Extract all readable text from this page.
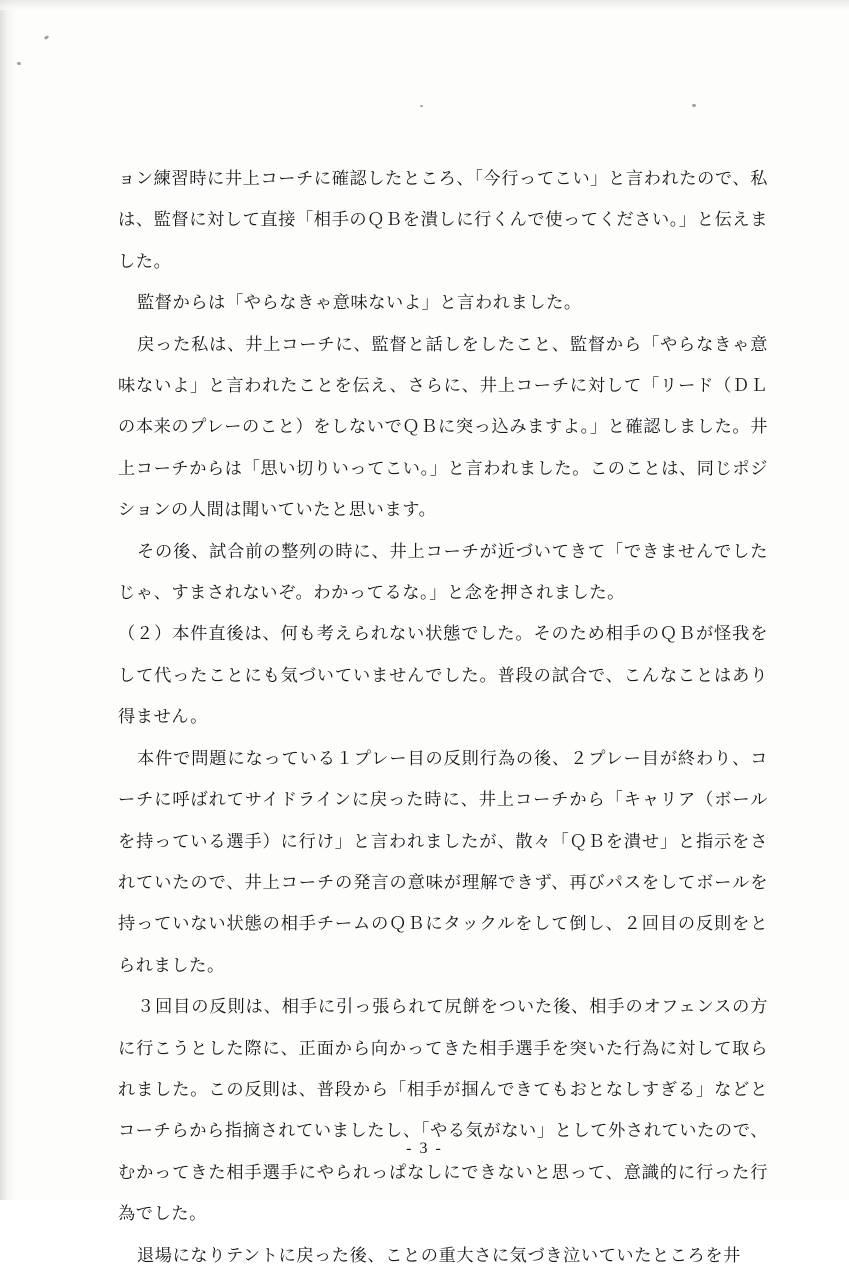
ョン練習時に井上コーチに確認したところ、「今行ってこい」と言われたので、私は、監督に対して直接「相手のＱＢを潰しに行くんで使ってください。」と伝えました。

監督からは「やらなきゃ意味ないよ」と言われました。

戻った私は、井上コーチに、監督と話しをしたこと、監督から「やらなきゃ意味ないよ」と言われたことを伝え、さらに、井上コーチに対して「リード（ＤＬの本来のプレーのこと）をしないでＱＢに突っ込みますよ。」と確認しました。井上コーチからは「思い切りいってこい。」と言われました。このことは、同じポジションの人間は聞いていたと思います。

その後、試合前の整列の時に、井上コーチが近づいてきて「できませんでしたじゃ、すまされないぞ。わかってるな。」と念を押されました。

（２）本件直後は、何も考えられない状態でした。そのため相手のＱＢが怪我をして代ったことにも気づいていませんでした。普段の試合で、こんなことはあり得ません。

本件で問題になっている１プレー目の反則行為の後、２プレー目が終わり、コーチに呼ばれてサイドラインに戻った時に、井上コーチから「キャリア（ボールを持っている選手）に行け」と言われましたが、散々「ＱＢを潰せ」と指示をされていたので、井上コーチの発言の意味が理解できず、再びパスをしてボールを持っていない状態の相手チームのＱＢにタックルをして倒し、２回目の反則をとられました。

３回目の反則は、相手に引っ張られて尻餅をついた後、相手のオフェンスの方に行こうとした際に、正面から向かってきた相手選手を突いた行為に対して取られました。この反則は、普段から「相手が掴んできてもおとなしすぎる」などとコーチらから指摘されていましたし、「やる気がない」として外されていたので、むかってきた相手選手にやられっぱなしにできないと思って、意識的に行った行為でした。

退場になりテントに戻った後、ことの重大さに気づき泣いていたところを井

- 3 -
